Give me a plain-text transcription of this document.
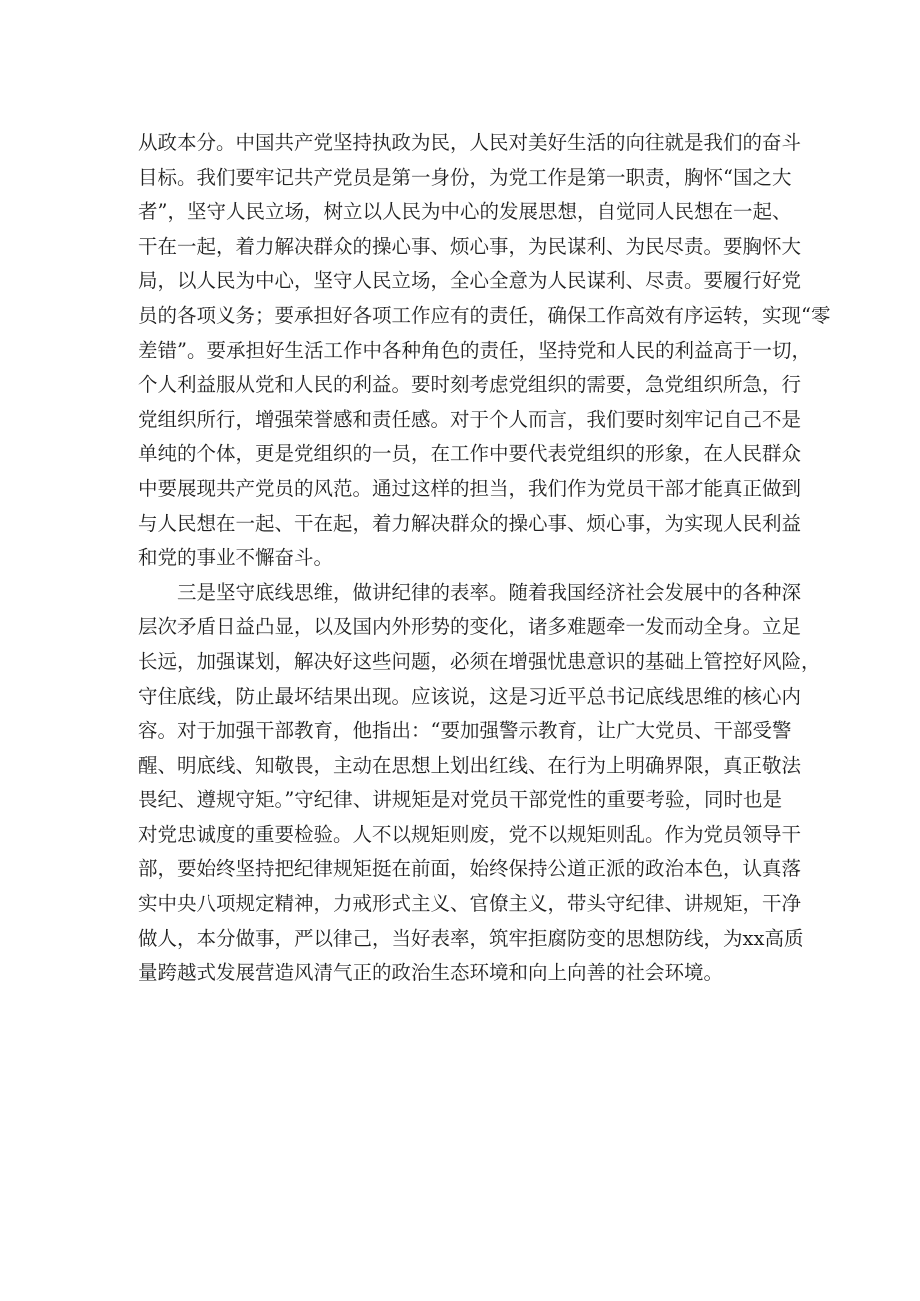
从政本分。中国共产党坚持执政为民，人民对美好生活的向往就是我们的奋斗
目标。我们要牢记共产党员是第一身份，为党工作是第一职责，胸怀“国之大
者”，坚守人民立场，树立以人民为中心的发展思想，自觉同人民想在一起、
干在一起，着力解决群众的操心事、烦心事，为民谋利、为民尽责。要胸怀大
局，以人民为中心，坚守人民立场，全心全意为人民谋利、尽责。要履行好党
员的各项义务；要承担好各项工作应有的责任，确保工作高效有序运转，实现“零
差错”。要承担好生活工作中各种角色的责任，坚持党和人民的利益高于一切，
个人利益服从党和人民的利益。要时刻考虑党组织的需要，急党组织所急，行
党组织所行，增强荣誉感和责任感。对于个人而言，我们要时刻牢记自己不是
单纯的个体，更是党组织的一员，在工作中要代表党组织的形象，在人民群众
中要展现共产党员的风范。通过这样的担当，我们作为党员干部才能真正做到
与人民想在一起、干在起，着力解决群众的操心事、烦心事，为实现人民利益
和党的事业不懈奋斗。
三是坚守底线思维，做讲纪律的表率。随着我国经济社会发展中的各种深
层次矛盾日益凸显，以及国内外形势的变化，诸多难题牵一发而动全身。立足
长远，加强谋划，解决好这些问题，必须在增强忧患意识的基础上管控好风险，
守住底线，防止最坏结果出现。应该说，这是习近平总书记底线思维的核心内
容。对于加强干部教育，他指出：“要加强警示教育，让广大党员、干部受警
醒、明底线、知敬畏，主动在思想上划出红线、在行为上明确界限，真正敬法
畏纪、遵规守矩。”守纪律、讲规矩是对党员干部党性的重要考验，同时也是
对党忠诚度的重要检验。人不以规矩则废，党不以规矩则乱。作为党员领导干
部，要始终坚持把纪律规矩挺在前面，始终保持公道正派的政治本色，认真落
实中央八项规定精神，力戒形式主义、官僚主义，带头守纪律、讲规矩，干净
做人，本分做事，严以律己，当好表率，筑牢拒腐防变的思想防线，为xx高质
量跨越式发展营造风清气正的政治生态环境和向上向善的社会环境。
